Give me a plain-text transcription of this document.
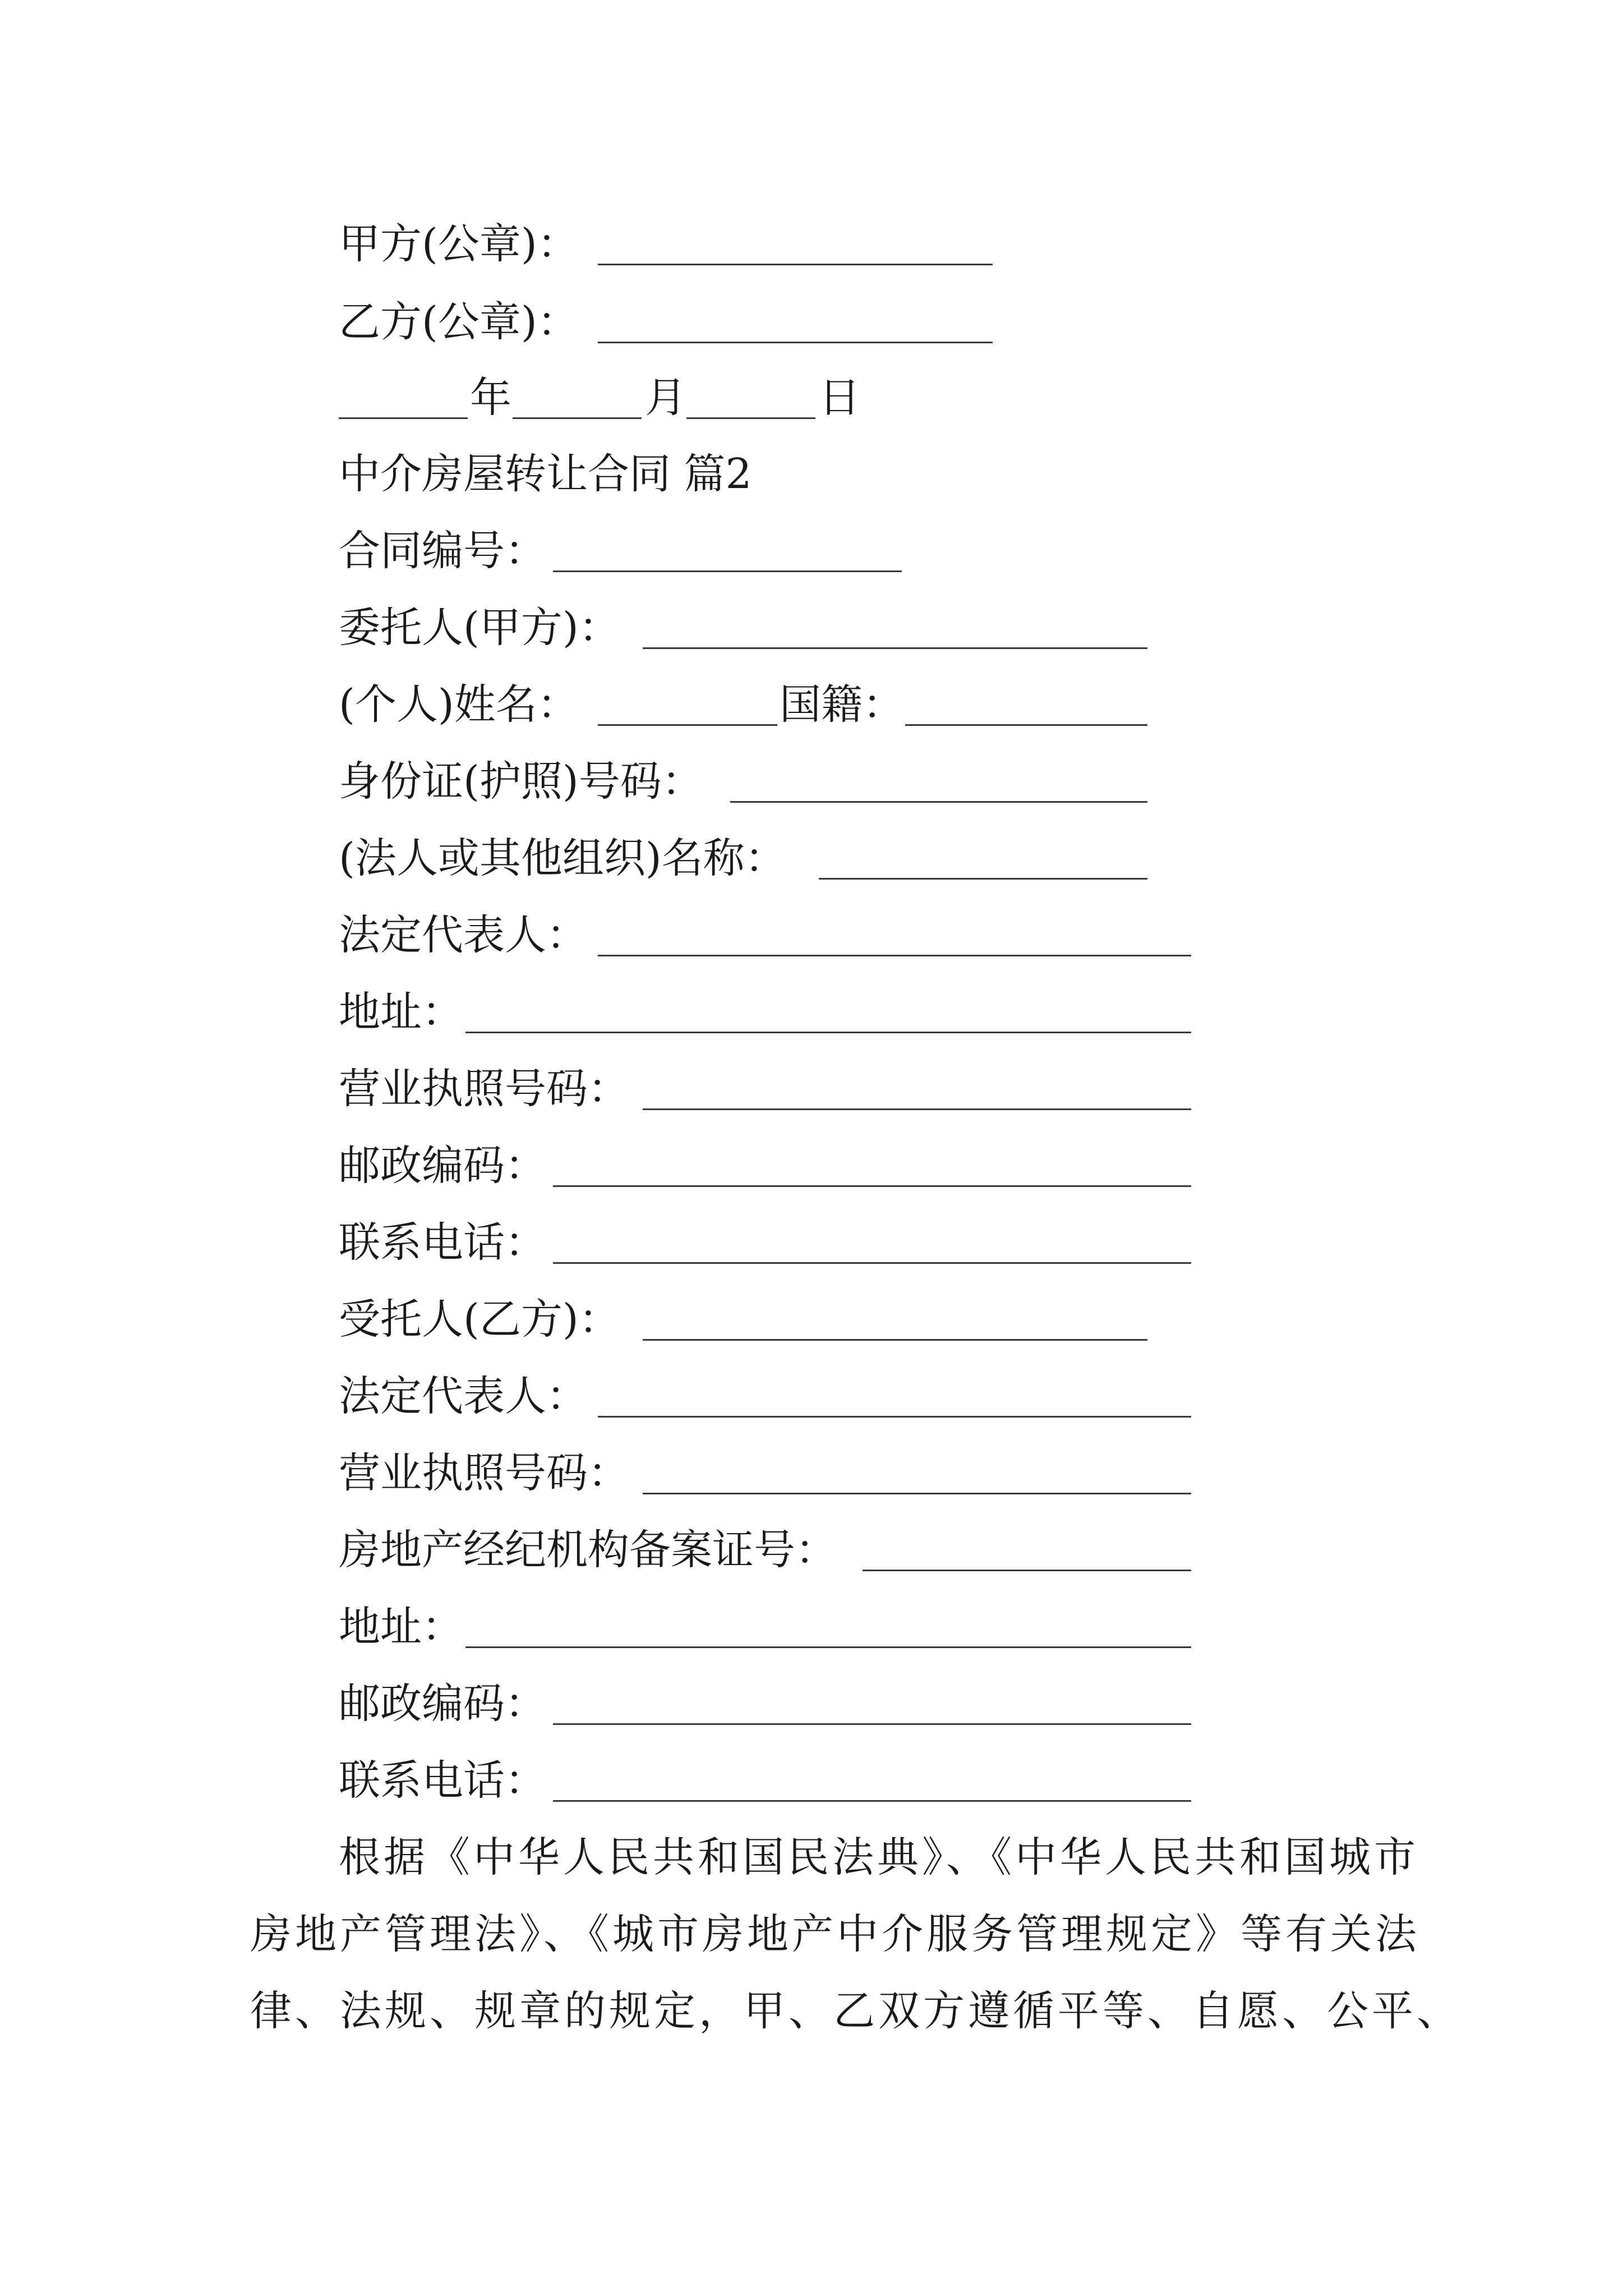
甲方(公章)：
乙方(公章)：
年	月	日
中介房屋转让合同 篇2
合同编号：
委托人(甲方)：
(个人)姓名：	国籍：
身份证(护照)号码：
(法人或其他组织)名称：
法定代表人：
地址：
营业执照号码：
邮政编码：
联系电话：
受托人(乙方)：
法定代表人：
营业执照号码：
房地产经纪机构备案证号：
地址：
邮政编码：
联系电话：
根据《中华人民共和国民法典》、《中华人民共和国城市
房地产管理法》、《城市房地产中介服务管理规定》等有关法
律、法规、规章的规定，甲、乙双方遵循平等、自愿、公平、
